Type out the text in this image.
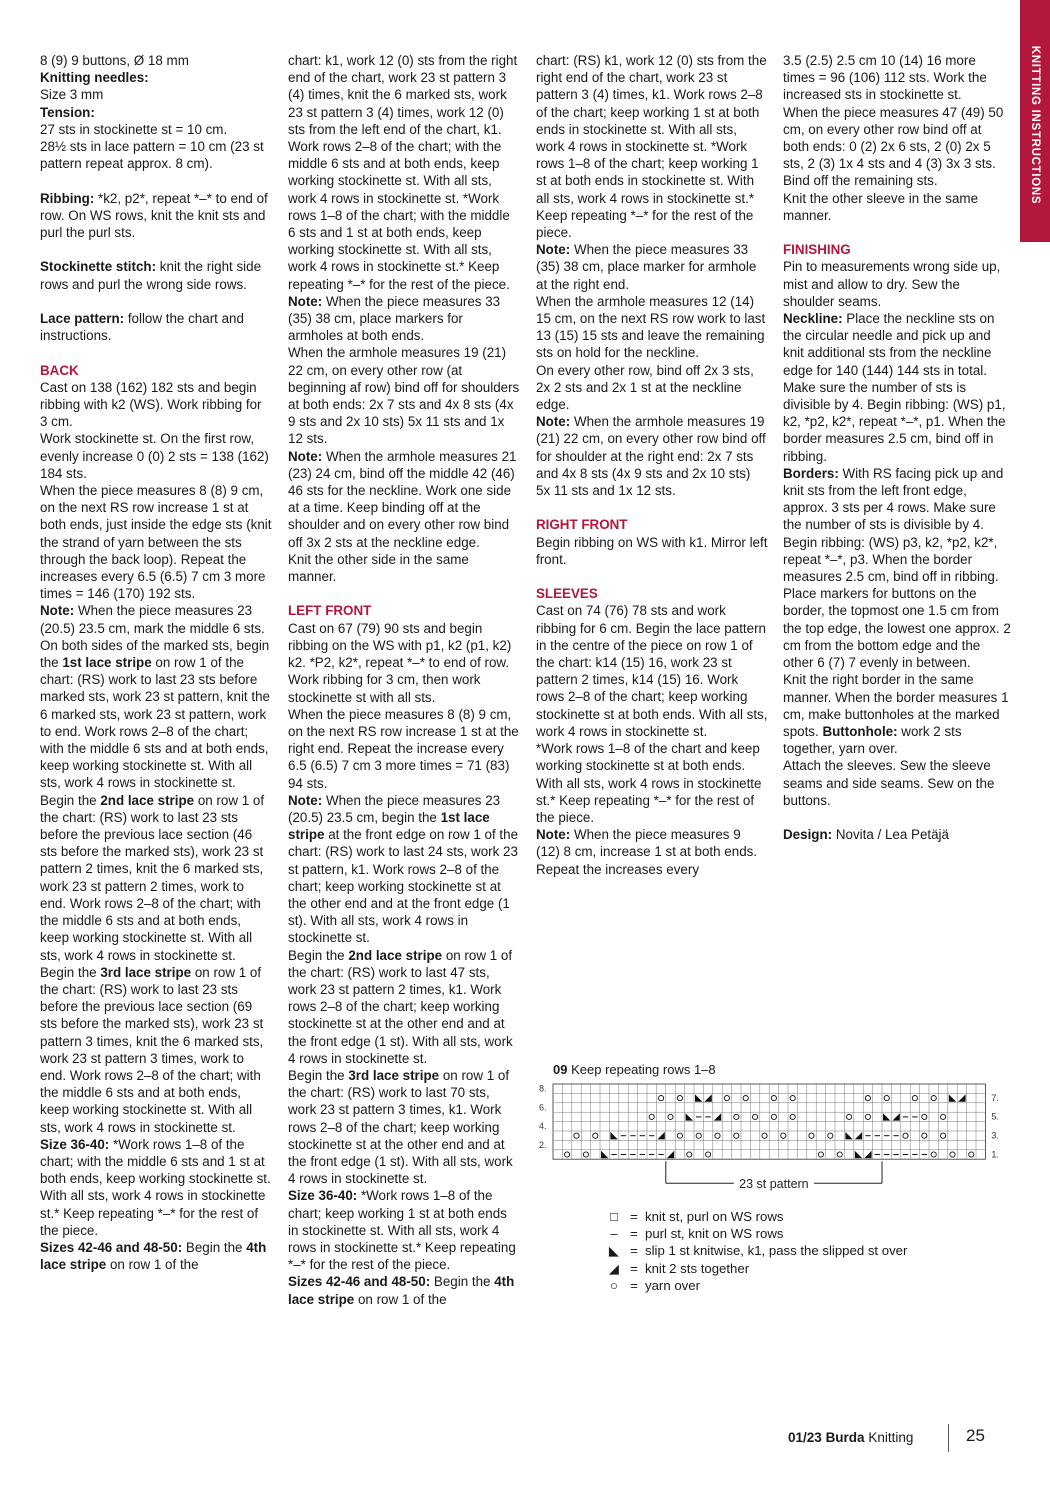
KNITTING INSTRUCTIONS

8 (9) 9 buttons, Ø 18 mm

Knitting needles:

Size 3 mm

Tension:

27 sts in stockinette st = 10 cm.

28½ sts in lace pattern = 10 cm (23 st pattern repeat approx. 8 cm).

Ribbing: *k2, p2*, repeat *–* to end of row. On WS rows, knit the knit sts and purl the purl sts.

Stockinette stitch: knit the right side rows and purl the wrong side rows.

Lace pattern: follow the chart and instructions.

BACK

Cast on 138 (162) 182 sts and begin ribbing with k2 (WS). Work ribbing for 3 cm.

Work stockinette st. On the first row, evenly increase 0 (0) 2 sts = 138 (162) 184 sts.

When the piece measures 8 (8) 9 cm, on the next RS row increase 1 st at both ends, just inside the edge sts (knit the strand of yarn between the sts through the back loop). Repeat the increases every 6.5 (6.5) 7 cm 3 more times = 146 (170) 192 sts.

Note: When the piece measures 23 (20.5) 23.5 cm, mark the middle 6 sts. On both sides of the marked sts, begin the 1st lace stripe on row 1 of the chart: (RS) work to last 23 sts before marked sts, work 23 st pattern, knit the 6 marked sts, work 23 st pattern, work to end. Work rows 2–8 of the chart; with the middle 6 sts and at both ends, keep working stockinette st. With all sts, work 4 rows in stockinette st.

Begin the 2nd lace stripe on row 1 of the chart: (RS) work to last 23 sts before the previous lace section (46 sts before the marked sts), work 23 st pattern 2 times, knit the 6 marked sts, work 23 st pattern 2 times, work to end. Work rows 2–8 of the chart; with the middle 6 sts and at both ends, keep working stockinette st. With all sts, work 4 rows in stockinette st.

Begin the 3rd lace stripe on row 1 of the chart: (RS) work to last 23 sts before the previous lace section (69 sts before the marked sts), work 23 st pattern 3 times, knit the 6 marked sts, work 23 st pattern 3 times, work to end. Work rows 2–8 of the chart; with the middle 6 sts and at both ends, keep working stockinette st. With all sts, work 4 rows in stockinette st.

Size 36-40: *Work rows 1–8 of the chart; with the middle 6 sts and 1 st at both ends, keep working stockinette st. With all sts, work 4 rows in stockinette st.* Keep repeating *–* for the rest of the piece.

Sizes 42-46 and 48-50: Begin the 4th lace stripe on row 1 of the

chart: k1, work 12 (0) sts from the right end of the chart, work 23 st pattern 3 (4) times, knit the 6 marked sts, work 23 st pattern 3 (4) times, work 12 (0) sts from the left end of the chart, k1. Work rows 2–8 of the chart; with the middle 6 sts and at both ends, keep working stockinette st. With all sts, work 4 rows in stockinette st. *Work rows 1–8 of the chart; with the middle 6 sts and 1 st at both ends, keep working stockinette st. With all sts, work 4 rows in stockinette st.* Keep repeating *–* for the rest of the piece.

Note: When the piece measures 33 (35) 38 cm, place markers for armholes at both ends.

When the armhole measures 19 (21) 22 cm, on every other row (at beginning af row) bind off for shoulders at both ends: 2x 7 sts and 4x 8 sts (4x 9 sts and 2x 10 sts) 5x 11 sts and 1x 12 sts.

Note: When the armhole measures 21 (23) 24 cm, bind off the middle 42 (46) 46 sts for the neckline. Work one side at a time. Keep binding off at the shoulder and on every other row bind off 3x 2 sts at the neckline edge.

Knit the other side in the same manner.

LEFT FRONT

Cast on 67 (79) 90 sts and begin ribbing on the WS with p1, k2 (p1, k2) k2. *P2, k2*, repeat *–* to end of row. Work ribbing for 3 cm, then work stockinette st with all sts.

When the piece measures 8 (8) 9 cm, on the next RS row increase 1 st at the right end. Repeat the increase every 6.5 (6.5) 7 cm 3 more times = 71 (83) 94 sts.

Note: When the piece measures 23 (20.5) 23.5 cm, begin the 1st lace stripe at the front edge on row 1 of the chart: (RS) work to last 24 sts, work 23 st pattern, k1. Work rows 2–8 of the chart; keep working stockinette st at the other end and at the front edge (1 st). With all sts, work 4 rows in stockinette st.

Begin the 2nd lace stripe on row 1 of the chart: (RS) work to last 47 sts, work 23 st pattern 2 times, k1. Work rows 2–8 of the chart; keep working stockinette st at the other end and at the front edge (1 st). With all sts, work 4 rows in stockinette st.

Begin the 3rd lace stripe on row 1 of the chart: (RS) work to last 70 sts, work 23 st pattern 3 times, k1. Work rows 2–8 of the chart; keep working stockinette st at the other end and at the front edge (1 st). With all sts, work 4 rows in stockinette st.

Size 36-40: *Work rows 1–8 of the chart; keep working 1 st at both ends in stockinette st. With all sts, work 4 rows in stockinette st.* Keep repeating *–* for the rest of the piece.

Sizes 42-46 and 48-50: Begin the 4th lace stripe on row 1 of the

chart: (RS) k1, work 12 (0) sts from the right end of the chart, work 23 st pattern 3 (4) times, k1. Work rows 2–8 of the chart; keep working 1 st at both ends in stockinette st. With all sts, work 4 rows in stockinette st. *Work rows 1–8 of the chart; keep working 1 st at both ends in stockinette st. With all sts, work 4 rows in stockinette st.* Keep repeating *–* for the rest of the piece.

Note: When the piece measures 33 (35) 38 cm, place marker for armhole at the right end.

When the armhole measures 12 (14) 15 cm, on the next RS row work to last 13 (15) 15 sts and leave the remaining sts on hold for the neckline.

On every other row, bind off 2x 3 sts, 2x 2 sts and 2x 1 st at the neckline edge.

Note: When the armhole measures 19 (21) 22 cm, on every other row bind off for shoulder at the right end: 2x 7 sts and 4x 8 sts (4x 9 sts and 2x 10 sts) 5x 11 sts and 1x 12 sts.

RIGHT FRONT

Begin ribbing on WS with k1. Mirror left front.

SLEEVES

Cast on 74 (76) 78 sts and work ribbing for 6 cm. Begin the lace pattern in the centre of the piece on row 1 of the chart: k14 (15) 16, work 23 st pattern 2 times, k14 (15) 16. Work rows 2–8 of the chart; keep working stockinette st at both ends. With all sts, work 4 rows in stockinette st.

*Work rows 1–8 of the chart and keep working stockinette st at both ends. With all sts, work 4 rows in stockinette st.* Keep repeating *–* for the rest of the piece.

Note: When the piece measures 9 (12) 8 cm, increase 1 st at both ends. Repeat the increases every

3.5 (2.5) 2.5 cm 10 (14) 16 more times = 96 (106) 112 sts. Work the increased sts in stockinette st.

When the piece measures 47 (49) 50 cm, on every other row bind off at both ends: 0 (2) 2x 6 sts, 2 (0) 2x 5 sts, 2 (3) 1x 4 sts and 4 (3) 3x 3 sts. Bind off the remaining sts.

Knit the other sleeve in the same manner.

FINISHING

Pin to measurements wrong side up, mist and allow to dry. Sew the shoulder seams.

Neckline: Place the neckline sts on the circular needle and pick up and knit additional sts from the neckline edge for 140 (144) 144 sts in total. Make sure the number of sts is divisible by 4. Begin ribbing: (WS) p1, k2, *p2, k2*, repeat *–*, p1. When the border measures 2.5 cm, bind off in ribbing.

Borders: With RS facing pick up and knit sts from the left front edge, approx. 3 sts per 4 rows. Make sure the number of sts is divisible by 4. Begin ribbing: (WS) p3, k2, *p2, k2*, repeat *–*, p3. When the border measures 2.5 cm, bind off in ribbing.

Place markers for buttons on the border, the topmost one 1.5 cm from the top edge, the lowest one approx. 2 cm from the bottom edge and the other 6 (7) 7 evenly in between.

Knit the right border in the same manner. When the border measures 1 cm, make buttonholes at the marked spots. Buttonhole: work 2 sts together, yarn over.

Attach the sleeves. Sew the sleeve seams and side seams. Sew on the buttons.

Design: Novita / Lea Petäjä

09 Keep repeating rows 1–8
8.
6.
4.
2.
7.
5.
3.
1.
23 st pattern
□ = knit st, purl on WS rows
– = purl st, knit on WS rows
◣ = slip 1 st knitwise, k1, pass the slipped st over
◢ = knit 2 sts together
○ = yarn over
01/23 Burda Knitting	25
